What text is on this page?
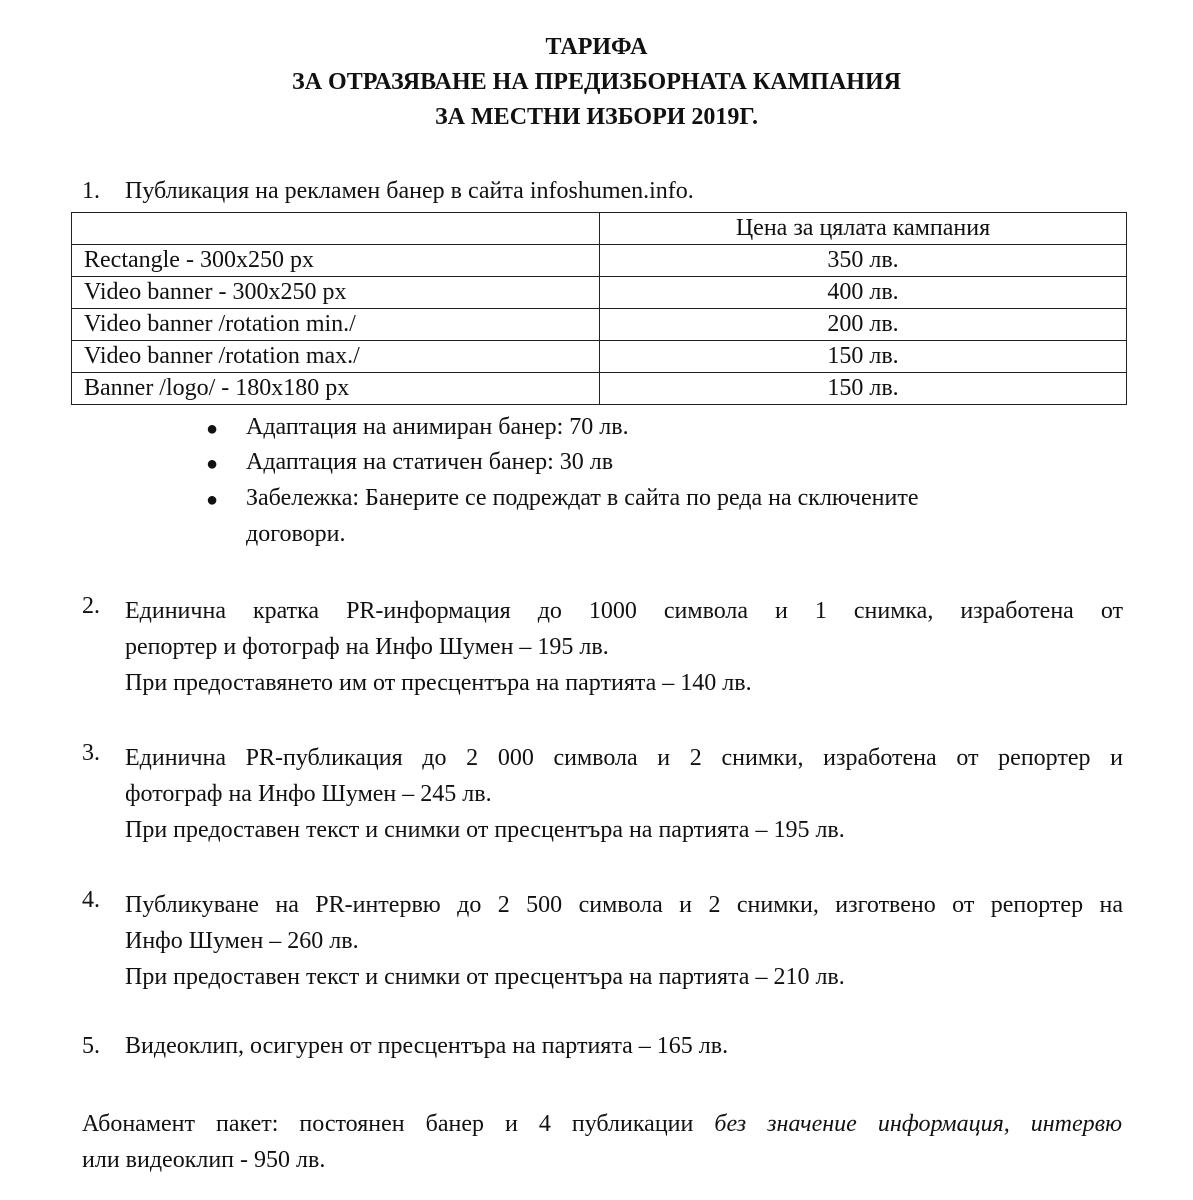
ТАРИФА
ЗА ОТРАЗЯВАНЕ НА ПРЕДИЗБОРНАТА КАМПАНИЯ
ЗА МЕСТНИ ИЗБОРИ 2019Г.
1. Публикация на рекламен банер в сайта infoshumen.info.
	Цена за цялата кампания
Rectangle - 300x250 px	350 лв.
Video banner - 300x250 px	400 лв.
Video banner /rotation min./	200 лв.
Video banner /rotation max./	150 лв.
Banner /logo/ - 180x180 px	150 лв.
● Адаптация на анимиран банер: 70 лв.
● Адаптация на статичен банер: 30 лв
● Забележка: Банерите се подреждат в сайта по реда на сключените
договори.
2. Единична кратка PR-информация до 1000 символа и 1 снимка, изработена от
репортер и фотограф на Инфо Шумен – 195 лв.
При предоставянето им от пресцентъра на партията – 140 лв.
3. Единична PR-публикация до 2 000 символа и 2 снимки, изработена от репортер и
фотограф на Инфо Шумен – 245 лв.
При предоставен текст и снимки от пресцентъра на партията – 195 лв.
4. Публикуване на PR-интервю до 2 500 символа и 2 снимки, изготвено от репортер на
Инфо Шумен – 260 лв.
При предоставен текст и снимки от пресцентъра на партията – 210 лв.
5. Видеоклип, осигурен от пресцентъра на партията – 165 лв.
Абонамент пакет: постоянен банер и 4 публикации без значение информация, интервю
или видеоклип - 950 лв.
